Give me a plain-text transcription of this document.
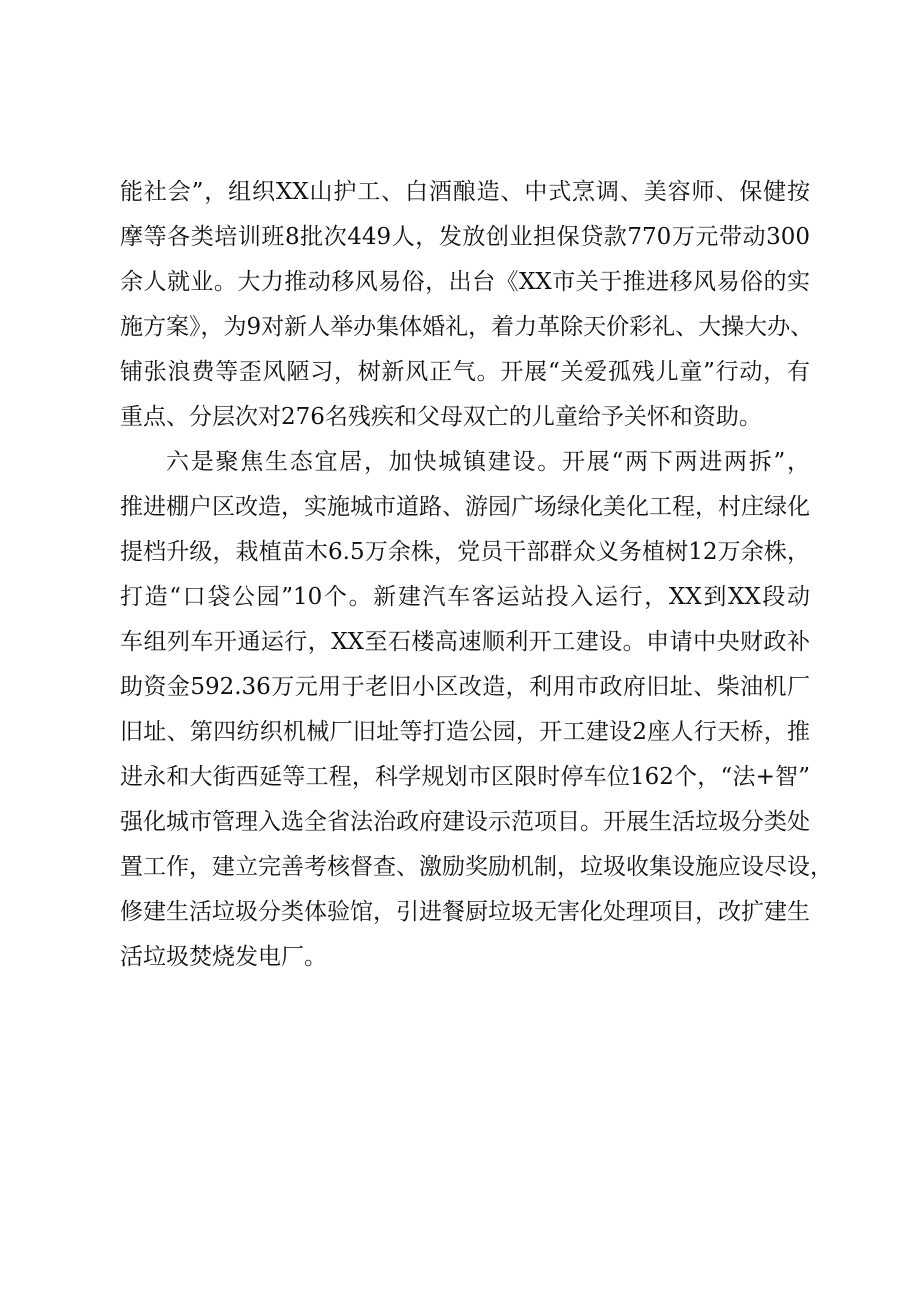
能社会”，组织XX山护工、白酒酿造、中式烹调、美容师、保健按
摩等各类培训班8批次449人，发放创业担保贷款770万元带动300
余人就业。大力推动移风易俗，出台《XX市关于推进移风易俗的实
施方案》，为9对新人举办集体婚礼，着力革除天价彩礼、大操大办、
铺张浪费等歪风陋习，树新风正气。开展“关爱孤残儿童”行动，有
重点、分层次对276名残疾和父母双亡的儿童给予关怀和资助。
六是聚焦生态宜居，加快城镇建设。开展“两下两进两拆”，
推进棚户区改造，实施城市道路、游园广场绿化美化工程，村庄绿化
提档升级，栽植苗木6.5万余株，党员干部群众义务植树12万余株，
打造“口袋公园”10个。新建汽车客运站投入运行，XX到XX段动
车组列车开通运行，XX至石楼高速顺利开工建设。申请中央财政补
助资金592.36万元用于老旧小区改造，利用市政府旧址、柴油机厂
旧址、第四纺织机械厂旧址等打造公园，开工建设2座人行天桥，推
进永和大街西延等工程，科学规划市区限时停车位162个，“法+智”
强化城市管理入选全省法治政府建设示范项目。开展生活垃圾分类处
置工作，建立完善考核督查、激励奖励机制，垃圾收集设施应设尽设，
修建生活垃圾分类体验馆，引进餐厨垃圾无害化处理项目，改扩建生
活垃圾焚烧发电厂。
